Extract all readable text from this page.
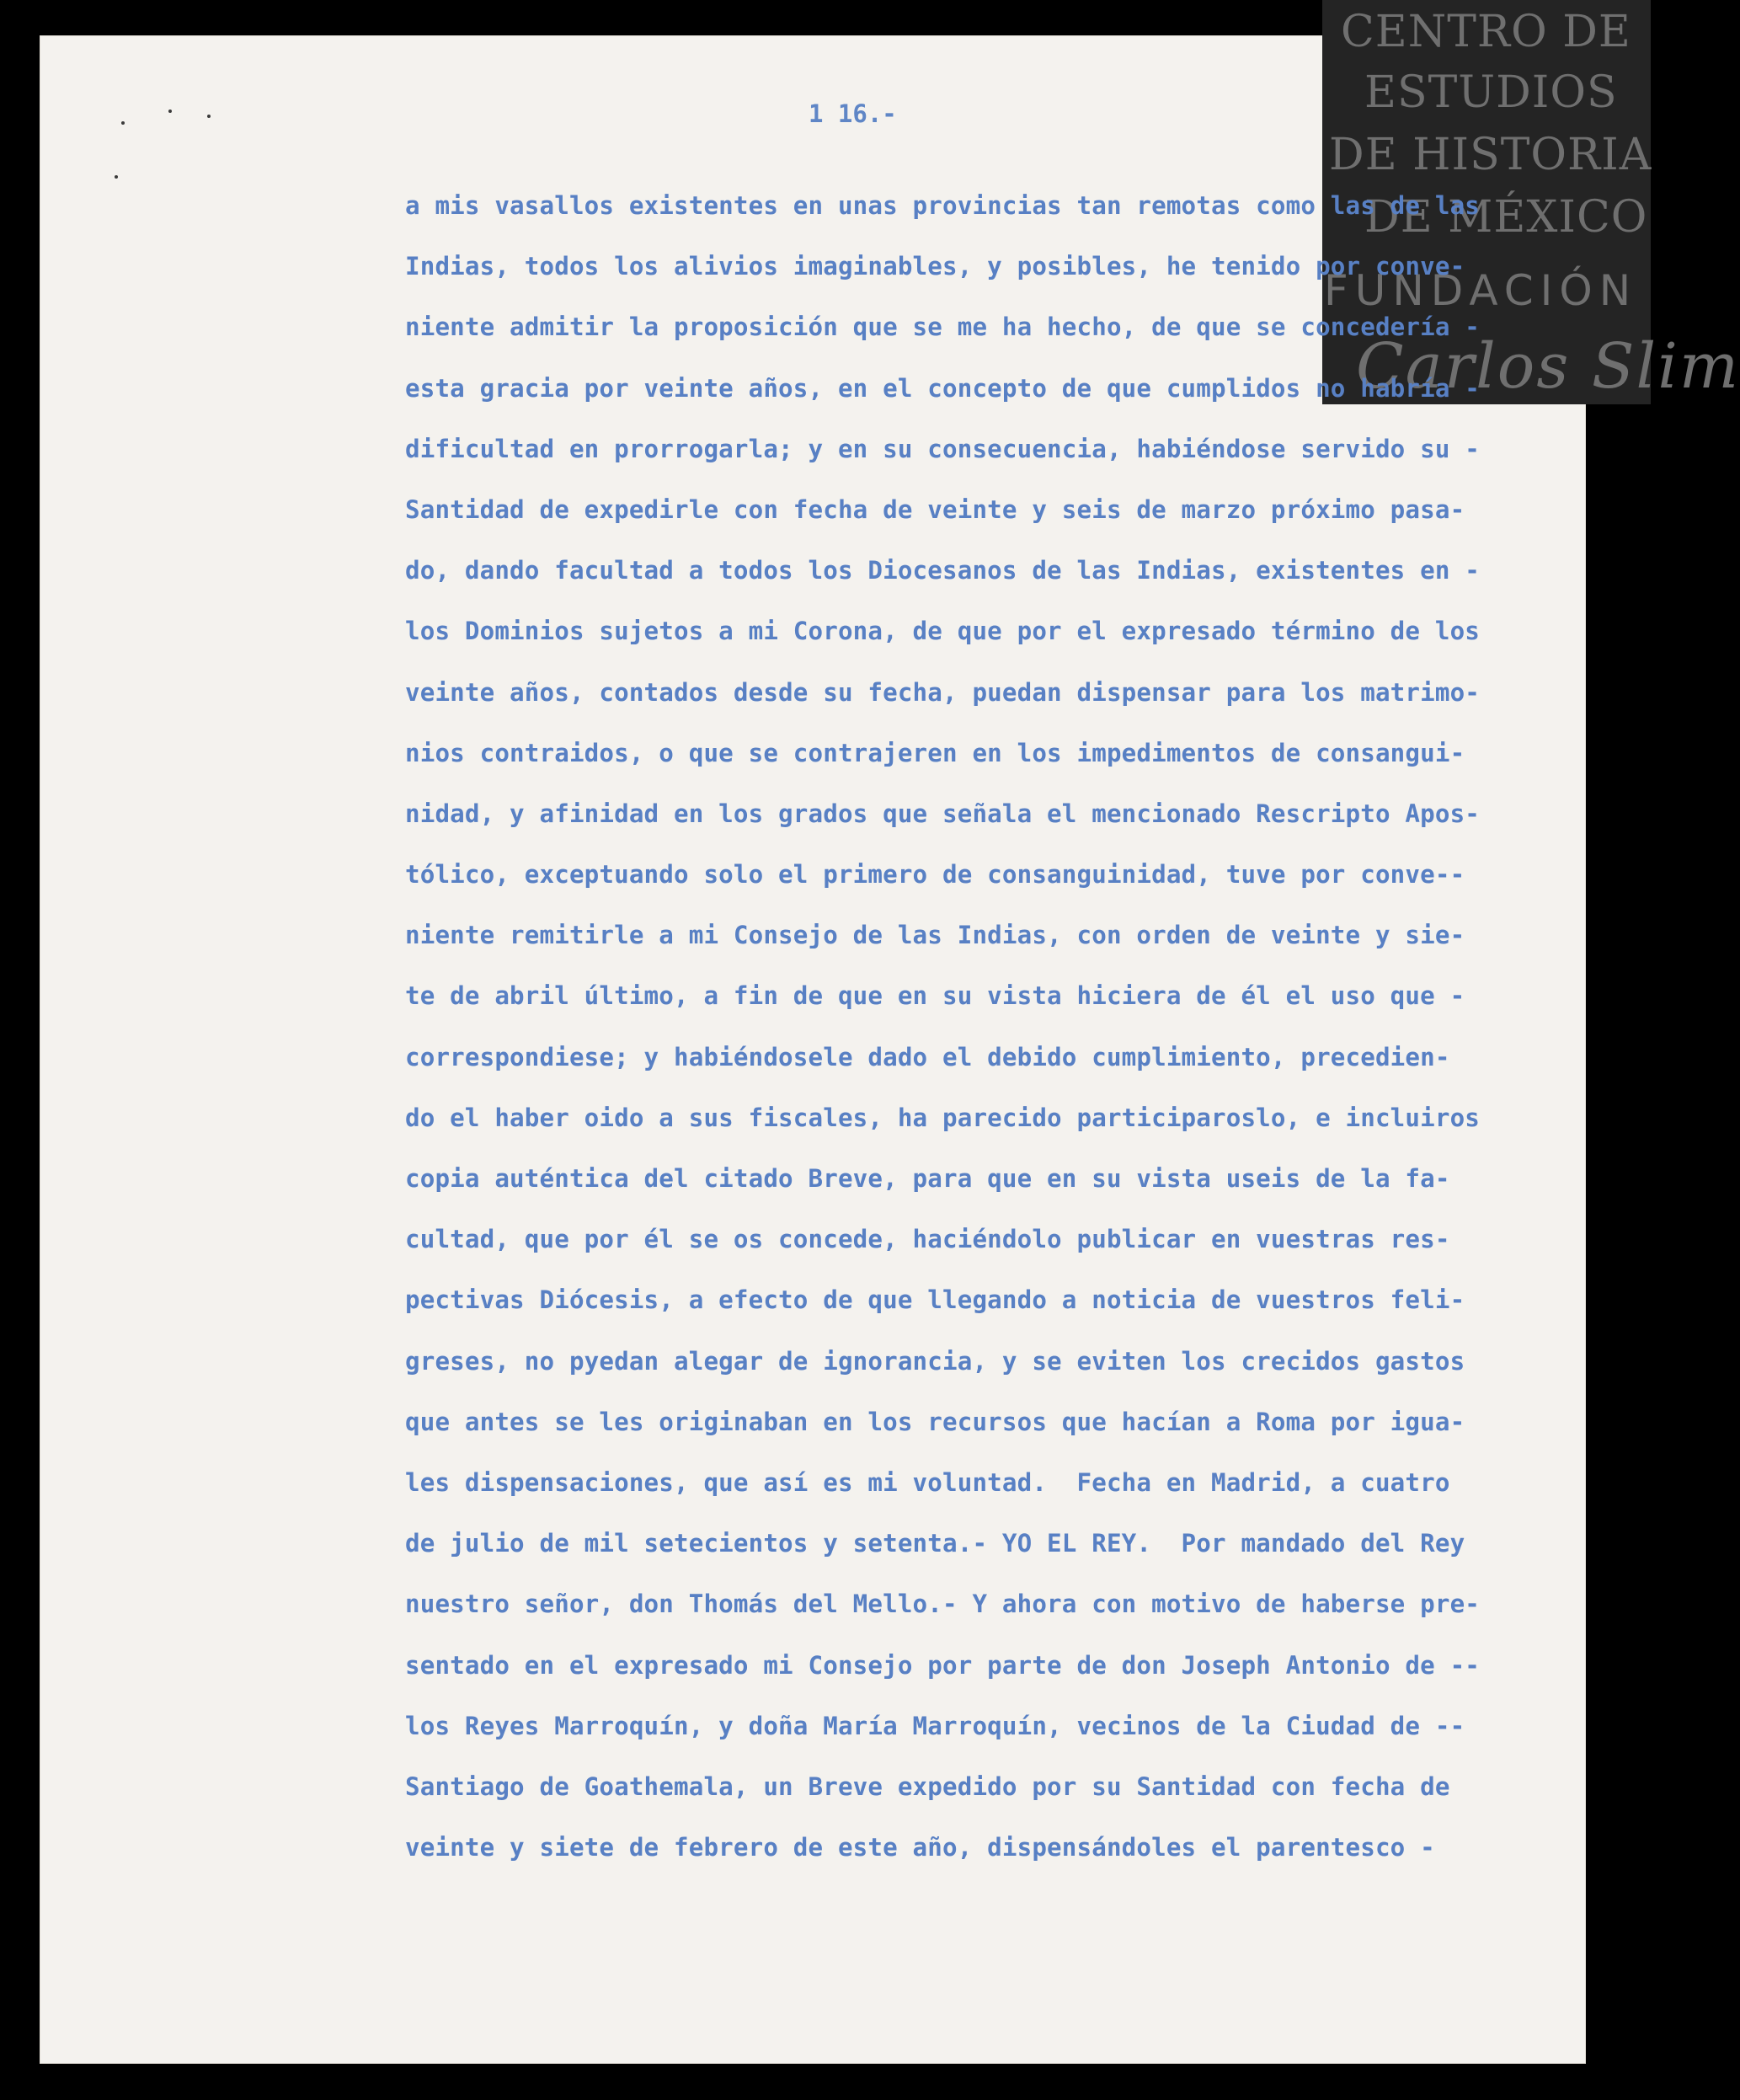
CENTRO DE
ESTUDIOS
DE HISTORIA
DE MÉXICO
FUNDACIÓN
Carlos Slim
1 16.-
a mis vasallos existentes en unas provincias tan remotas como las de las
Indias, todos los alivios imaginables, y posibles, he tenido por conve-
niente admitir la proposición que se me ha hecho, de que se concedería -
esta gracia por veinte años, en el concepto de que cumplidos no habría -
dificultad en prorrogarla; y en su consecuencia, habiéndose servido su -
Santidad de expedirle con fecha de veinte y seis de marzo próximo pasa-
do, dando facultad a todos los Diocesanos de las Indias, existentes en -
los Dominios sujetos a mi Corona, de que por el expresado término de los
veinte años, contados desde su fecha, puedan dispensar para los matrimo-
nios contraidos, o que se contrajeren en los impedimentos de consangui-
nidad, y afinidad en los grados que señala el mencionado Rescripto Apos-
tólico, exceptuando solo el primero de consanguinidad, tuve por conve--
niente remitirle a mi Consejo de las Indias, con orden de veinte y sie-
te de abril último, a fin de que en su vista hiciera de él el uso que -
correspondiese; y habiéndosele dado el debido cumplimiento, precedien-
do el haber oido a sus fiscales, ha parecido participaroslo, e incluiros
copia auténtica del citado Breve, para que en su vista useis de la fa-
cultad, que por él se os concede, haciéndolo publicar en vuestras res-
pectivas Diócesis, a efecto de que llegando a noticia de vuestros feli-
greses, no pyedan alegar de ignorancia, y se eviten los crecidos gastos
que antes se les originaban en los recursos que hacían a Roma por igua-
les dispensaciones, que así es mi voluntad.  Fecha en Madrid, a cuatro
de julio de mil setecientos y setenta.- YO EL REY.  Por mandado del Rey
nuestro señor, don Thomás del Mello.- Y ahora con motivo de haberse pre-
sentado en el expresado mi Consejo por parte de don Joseph Antonio de --
los Reyes Marroquín, y doña María Marroquín, vecinos de la Ciudad de --
Santiago de Goathemala, un Breve expedido por su Santidad con fecha de
veinte y siete de febrero de este año, dispensándoles el parentesco -
